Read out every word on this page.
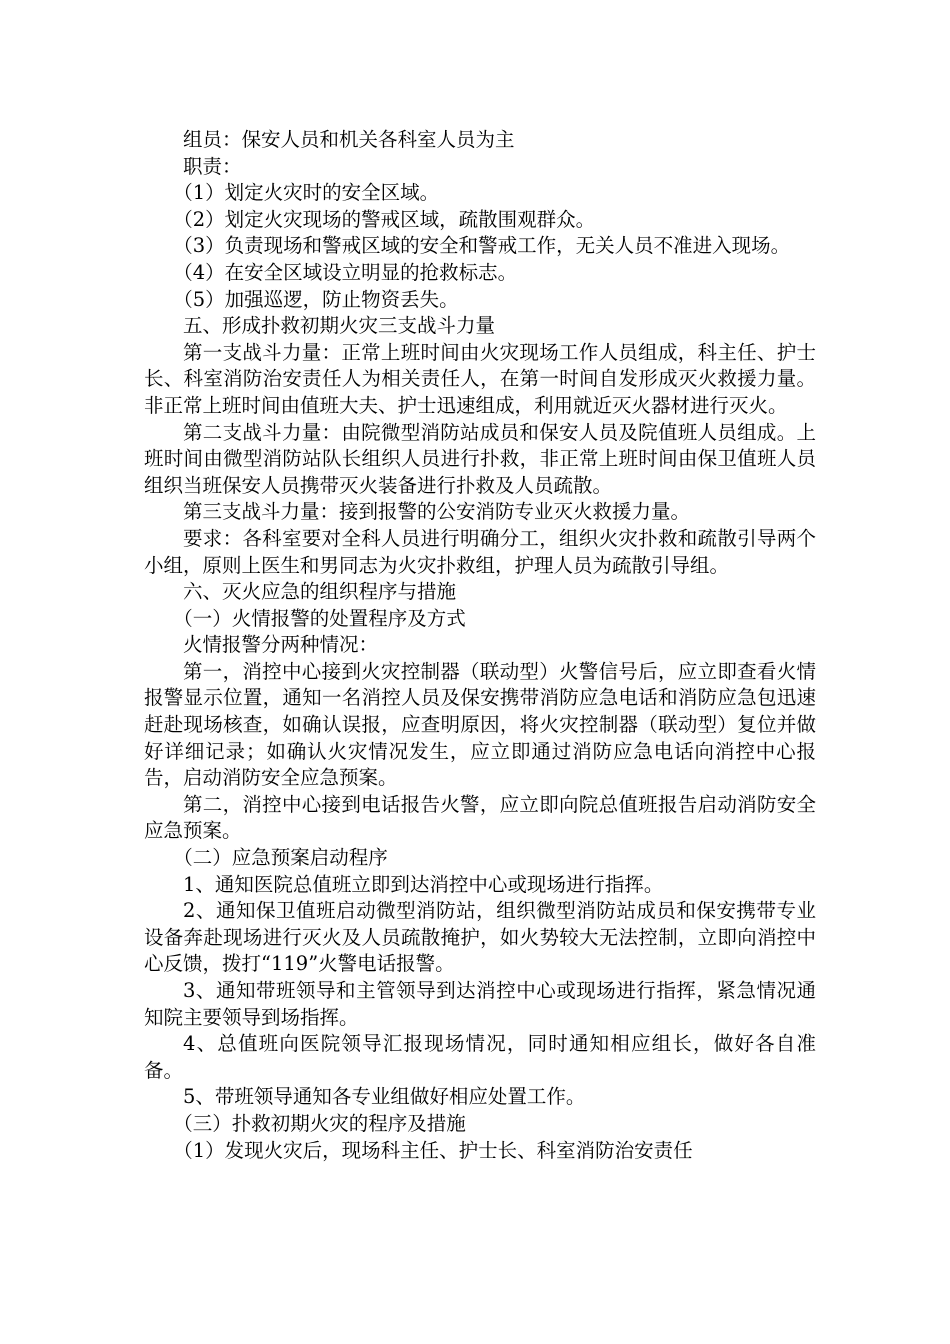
组员：保安人员和机关各科室人员为主

职责：

（1）划定火灾时的安全区域。

（2）划定火灾现场的警戒区域，疏散围观群众。

（3）负责现场和警戒区域的安全和警戒工作，无关人员不准进入现场。

（4）在安全区域设立明显的抢救标志。

（5）加强巡逻，防止物资丢失。

五、形成扑救初期火灾三支战斗力量

第一支战斗力量：正常上班时间由火灾现场工作人员组成，科主任、护士长、科室消防治安责任人为相关责任人，在第一时间自发形成灭火救援力量。非正常上班时间由值班大夫、护士迅速组成，利用就近灭火器材进行灭火。

第二支战斗力量：由院微型消防站成员和保安人员及院值班人员组成。上班时间由微型消防站队长组织人员进行扑救，非正常上班时间由保卫值班人员组织当班保安人员携带灭火装备进行扑救及人员疏散。

第三支战斗力量：接到报警的公安消防专业灭火救援力量。

要求：各科室要对全科人员进行明确分工，组织火灾扑救和疏散引导两个小组，原则上医生和男同志为火灾扑救组，护理人员为疏散引导组。

六、灭火应急的组织程序与措施

（一）火情报警的处置程序及方式

火情报警分两种情况：

第一，消控中心接到火灾控制器（联动型）火警信号后，应立即查看火情报警显示位置，通知一名消控人员及保安携带消防应急电话和消防应急包迅速赶赴现场核查，如确认误报，应查明原因，将火灾控制器（联动型）复位并做好详细记录；如确认火灾情况发生，应立即通过消防应急电话向消控中心报告，启动消防安全应急预案。

第二，消控中心接到电话报告火警，应立即向院总值班报告启动消防安全应急预案。

（二）应急预案启动程序

1、通知医院总值班立即到达消控中心或现场进行指挥。

2、通知保卫值班启动微型消防站，组织微型消防站成员和保安携带专业设备奔赴现场进行灭火及人员疏散掩护，如火势较大无法控制，立即向消控中心反馈，拨打“119”火警电话报警。

3、通知带班领导和主管领导到达消控中心或现场进行指挥，紧急情况通知院主要领导到场指挥。

4、总值班向医院领导汇报现场情况，同时通知相应组长，做好各自准备。

5、带班领导通知各专业组做好相应处置工作。

（三）扑救初期火灾的程序及措施

（1）发现火灾后，现场科主任、护士长、科室消防治安责任
